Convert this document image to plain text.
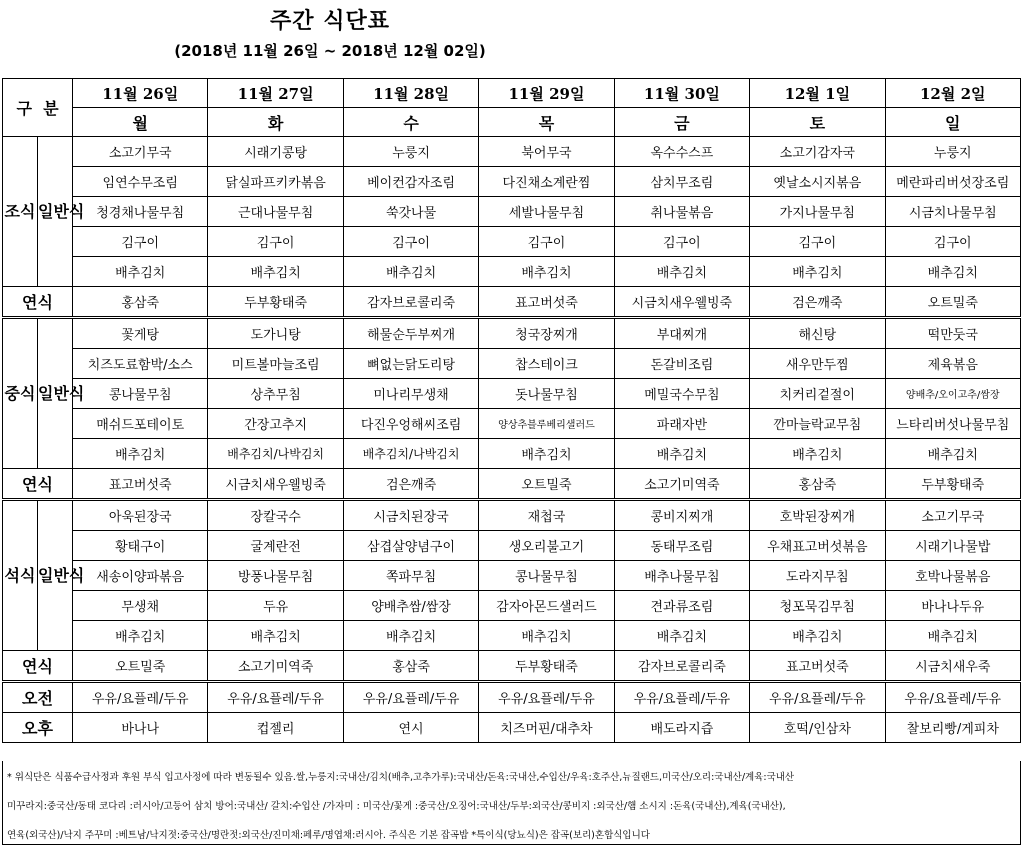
주간 식단표
(2018년 11월 26일 ~ 2018년 12월 02일)
구  분		11월 26일	11월 27일	11월 28일	11월 29일	11월 30일	12월 1일	12월 2일
		월	화	수	목	금	토	일
조식	일반식	소고기무국	시래기콩탕	누룽지	북어무국	옥수수스프	소고기감자국	누룽지
		임연수무조림	닭실파프키카볶음	베이컨감자조림	다진채소계란찜	삼치무조림	옛날소시지볶음	메란파리버섯장조림
		청경채나물무침	근대나물무침	쑥갓나물	세발나물무침	취나물볶음	가지나물무침	시금치나물무침
		김구이	김구이	김구이	김구이	김구이	김구이	김구이
		배추김치	배추김치	배추김치	배추김치	배추김치	배추김치	배추김치
연식		홍삼죽	두부황태죽	감자브로콜리죽	표고버섯죽	시금치새우웰빙죽	검은깨죽	오트밀죽
중식	일반식	꽃게탕	도가니탕	해물순두부찌개	청국장찌개	부대찌개	해신탕	떡만둣국
		치즈도료함박/소스	미트볼마늘조림	뼈없는닭도리탕	찹스테이크	돈갈비조림	새우만두찜	제육볶음
		콩나물무침	상추무침	미나리무생채	돗나물무침	메밀국수무침	치커리겉절이	양배추/오이고추/쌈장
		매쉬드포테이토	간장고추지	다진우엉해씨조림	양상추블루베리샐러드	파래자반	깐마늘락교무침	느타리버섯나물무침
		배추김치	배추김치/나박김치	배추김치/나박김치	배추김치	배추김치	배추김치	배추김치
연식		표고버섯죽	시금치새우웰빙죽	검은깨죽	오트밀죽	소고기미역죽	홍삼죽	두부황태죽
석식	일반식	아욱된장국	장칼국수	시금치된장국	재첩국	콩비지찌개	호박된장찌개	소고기무국
		황태구이	굴계란전	삼겹살양념구이	생오리불고기	동태무조림	우채표고버섯볶음	시래기나물밥
		새송이양파볶음	방풍나물무침	쪽파무침	콩나물무침	배추나물무침	도라지무침	호박나물볶음
		무생채	두유	양배추쌈/쌈장	감자아몬드샐러드	견과류조림	청포묵김무침	바나나두유
		배추김치	배추김치	배추김치	배추김치	배추김치	배추김치	배추김치
연식		오트밀죽	소고기미역죽	홍삼죽	두부황태죽	감자브로콜리죽	표고버섯죽	시금치새우죽
오전		우유/요플레/두유	우유/요플레/두유	우유/요플레/두유	우유/요플레/두유	우유/요플레/두유	우유/요플레/두유	우유/요플레/두유
오후		바나나	컵젤리	연시	치즈머핀/대추차	배도라지즙	호떡/인삼차	찰보리빵/게피차

* 위식단은 식품수급사정과 후원 부식 입고사정에 따라 변동될수 있음.쌀,누룽지:국내산/김치(배추,고추가루):국내산/돈육:국내산,수입산/우육:호주산,뉴질랜드,미국산/오리:국내산/계육:국내산

미꾸라지:중국산/동태 코다리 :러시아/고등어 삼치 방어:국내산/ 갈치:수입산 /가자미 : 미국산/꽃게 :중국산/오징어:국내산/두부:외국산/콩비지 :외국산/햄 소시지 :돈육(국내산),계육(국내산),

연육(외국산)/낙지 주꾸미 :베트남/낙지젓:중국산/명란젓:외국산/진미채:페루/명엽채:러시아. 주식은 기본 잡곡밥 *특이식(당뇨식)은 잡곡(보리)혼합식입니다
